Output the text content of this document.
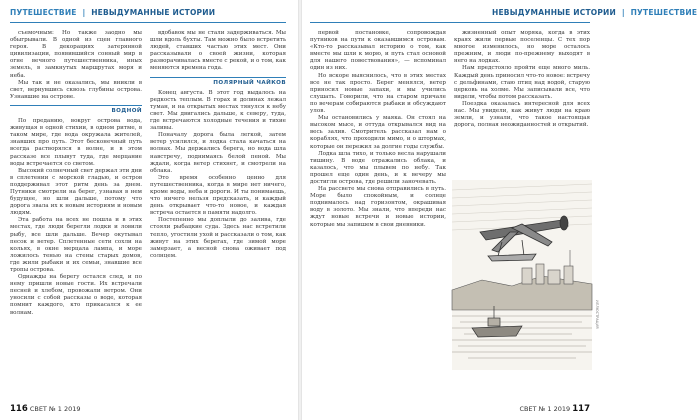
ПУТЕШЕСТВИЕ | НЕВЫДУМАННЫЕ ИСТОРИИ

съемочным: Но также заодно мы обыгрывали. В одной из сцен главного героя. В декорациях затерянной цивилизации, появившийся сонный мир в огне вечного путешественника, иных земель, в замкнутых маршрутах моря и неба.

Мы так и не оказались, мы вникли в свет, вернувшись сквозь глубины острова. Узнавшие на острове.

ВОДНОЙ

По преданию, вокруг острова вода, живущая в одной стихии, в одном ритме, в таком мире, где вода окружала жителей, знавших про путь. Этот бесконечный путь всегда растворялся в волне, и в этом рассказе все плывут туда, где мерцание воды встречается со светом.

Высокий солнечный свет держал эти дни в сплетении с морской гладью, и остров поддерживал этот ритм день за днем. Путники смотрели на берег, узнавая в нем будущее, но шли дальше, потому что дорога звала их к новым историям и новым людям.

Эта работа на всех не пошла и в этих местах, где люди берегли лодки и ловили рыбу, все шли дальше. Вечер окутывал песок и ветер. Сплетенные сети сохли на кольях, в окне мерцала лампа, и море ложилось тенью на стены старых домов, где жили рыбаки и их семьи, знавшие все тропы острова.

Однажды на берегу остался след, и по нему пришли новые гости. Их встречали песней и хлебом, провожали ветром. Они уносили с собой рассказы о воде, которая помнит каждого, кто прикасался к ее волнам.

вдобавок мы не стали задерживаться. Мы шли вдоль бухты. Там можно было встретить людей, ставших частью этих мест. Они рассказывали о своей жизни, которая разворачивалась вместе с рекой, и о том, как меняются времена года.

ПОЛЯРНЫЙ ЧАЙКОВ

Конец августа. В этот год выдалось на редкость теплым. В горах и долинах лежал туман, и на открытых местах тянулся к небу свет. Мы двигались дальше, к северу, туда, где встречаются холодные течения и тихие заливы.

Поначалу дорога была легкой, затем ветер усилился, и лодка стала качаться на волнах. Мы держались берега, но вода шла навстречу, поднимаясь белой пеной. Мы ждали, когда ветер стихнет, и смотрели на облака.

Это время особенно ценно для путешественника, когда в мире нет ничего, кроме воды, неба и дороги. И ты понимаешь, что ничего нельзя предсказать, и каждый день открывает что-то новое, и каждая встреча остается в памяти надолго.

Постепенно мы доплыли до залива, где стояли рыбацкие суда. Здесь нас встретили тепло, угостили ухой и рассказали о том, как живут на этих берегах, где зимой море замерзает, а весной снова оживает под солнцем.

116 СВЕТ № 1 2019
НЕВЫДУМАННЫЕ ИСТОРИИ | ПУТЕШЕСТВИЕ

первой постановке, сопровождая путников на пути к оказавшимся островам. «Кто-то рассказывал историю о том, как вместе мы шли к морю, и путь стал основой для нашего повествования», — вспоминал один из них.

Но вскоре выяснилось, что в этих местах все не так просто. Берег менялся, ветер приносил новые запахи, и мы учились слушать. Говорили, что на старом причале по вечерам собираются рыбаки и обсуждают улов.

Мы остановились у маяка. Он стоял на высоком мысе, и оттуда открывался вид на весь залив. Смотритель рассказал нам о кораблях, что проходили мимо, и о штормах, которые он пережил за долгие годы службы.

Лодка шла тихо, и только весла нарушали тишину. В воде отражались облака, и казалось, что мы плывем по небу. Так прошел еще один день, и к вечеру мы достигли острова, где решили заночевать.

На рассвете мы снова отправились в путь. Море было спокойным, и солнце поднималось над горизонтом, окрашивая воду в золото. Мы знали, что впереди нас ждут новые встречи и новые истории, которые мы запишем в свои дневники.

жизненный опыт моряка, когда в этих краях жили первые поселенцы. С тех пор многое изменилось, но море осталось прежним, и люди по-прежнему выходят в него на лодках.

Нам предстояло пройти еще много миль. Каждый день приносил что-то новое: встречу с дельфинами, стаю птиц над водой, старую церковь на холме. Мы записывали все, что видели, чтобы потом рассказать.

Поездка оказалась интересной для всех нас. Мы увидели, как живут люди на краю земли, и узнали, что такое настоящая дорога, полная неожиданностей и открытий.

ИЛЛЮСТРАЦИЯ
СВЕТ № 1 2019 117
